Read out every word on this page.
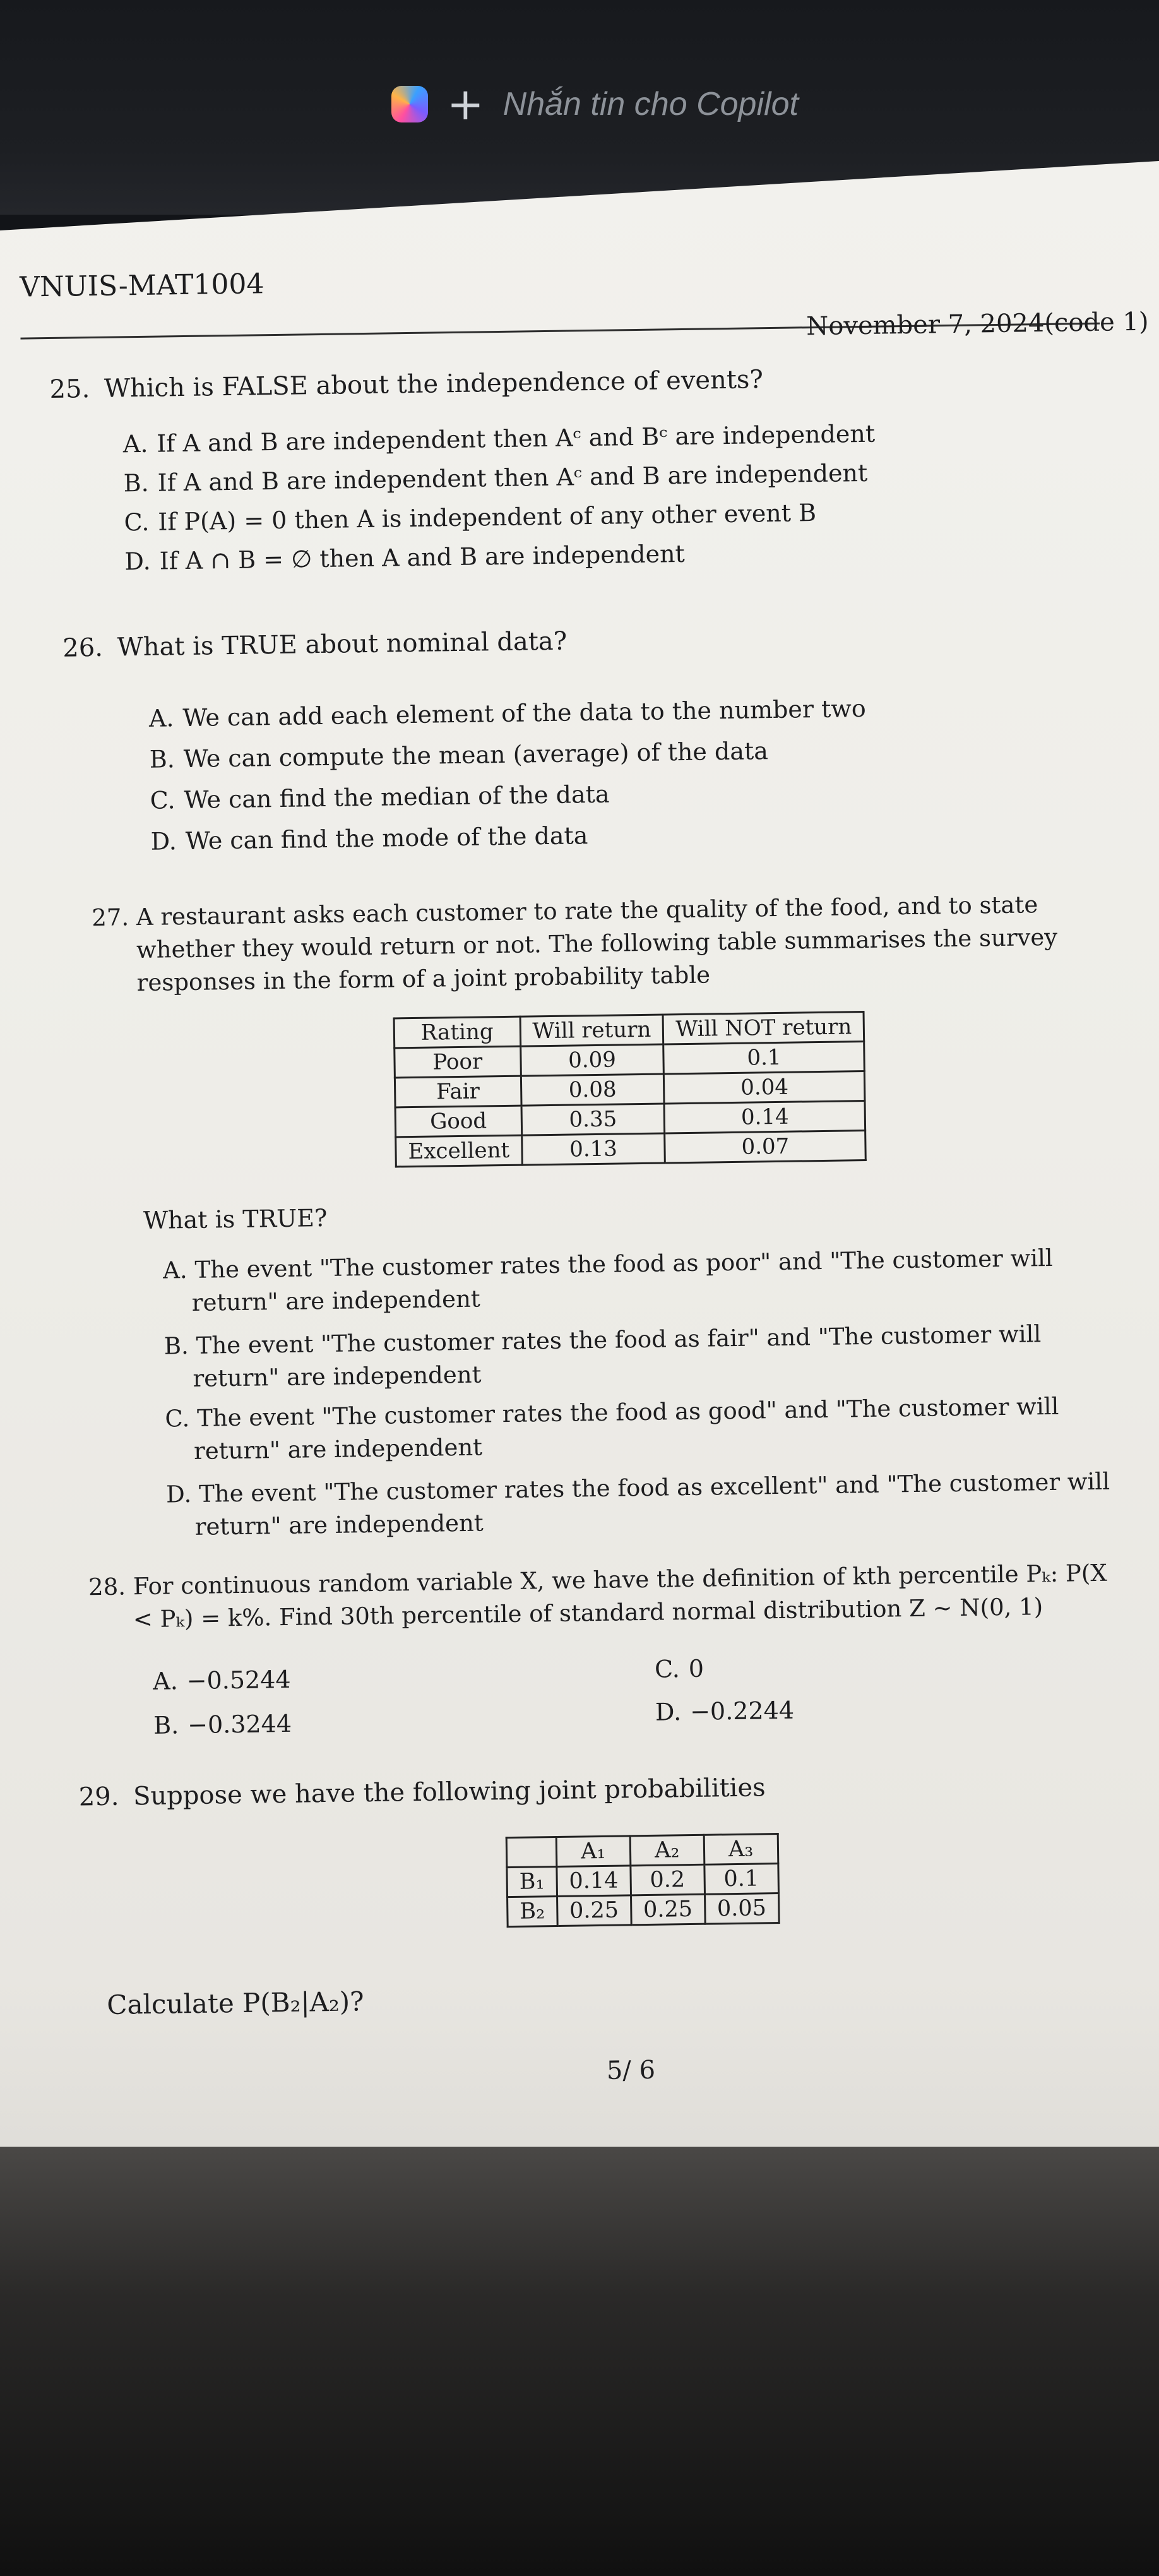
+ Nhắn tin cho Copilot
VNUIS-MAT1004
November 7, 2024(code 1)
25. Which is FALSE about the independence of events?
A. If A and B are independent then Aᶜ and Bᶜ are independent
B. If A and B are independent then Aᶜ and B are independent
C. If P(A) = 0 then A is independent of any other event B
D. If A ∩ B = ∅ then A and B are independent
26. What is TRUE about nominal data?
A. We can add each element of the data to the number two
B. We can compute the mean (average) of the data
C. We can find the median of the data
D. We can find the mode of the data
27. A restaurant asks each customer to rate the quality of the food, and to state whether they would return or not. The following table summarises the survey responses in the form of a joint probability table
Rating	Will return	Will NOT return
Poor	0.09	0.1
Fair	0.08	0.04
Good	0.35	0.14
Excellent	0.13	0.07
What is TRUE?
A. The event "The customer rates the food as poor" and "The customer will return" are independent
B. The event "The customer rates the food as fair" and "The customer will return" are independent
C. The event "The customer rates the food as good" and "The customer will return" are independent
D. The event "The customer rates the food as excellent" and "The customer will return" are independent
28. For continuous random variable X, we have the definition of kth percentile Pₖ: P(X < Pₖ) = k%. Find 30th percentile of standard normal distribution Z ~ N(0, 1)
A. −0.5244
B. −0.3244
C. 0
D. −0.2244
29. Suppose we have the following joint probabilities
	A₁	A₂	A₃
B₁	0.14	0.2	0.1
B₂	0.25	0.25	0.05
Calculate P(B₂|A₂)?
5/ 6
